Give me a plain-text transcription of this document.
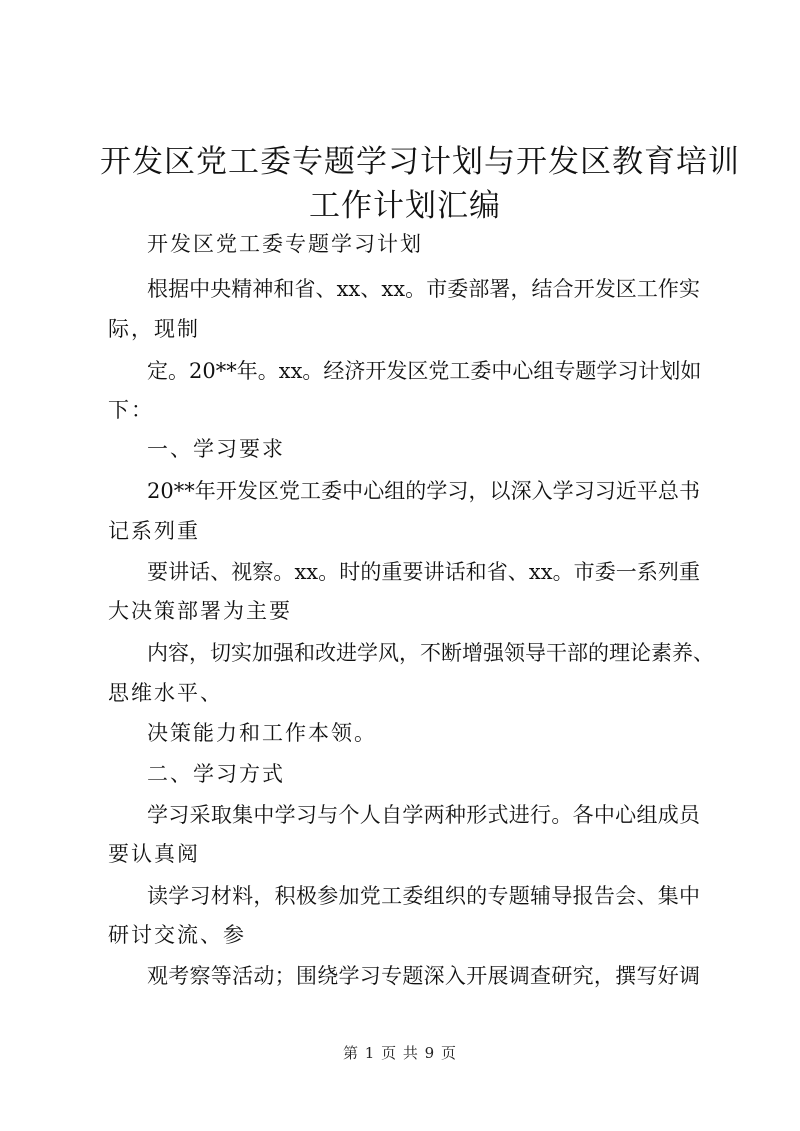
开发区党工委专题学习计划与开发区教育培训
工作计划汇编
开发区党工委专题学习计划
根据中央精神和省、xx、xx。市委部署，结合开发区工作实
际，现制
定。20**年。xx。经济开发区党工委中心组专题学习计划如
下：
一、学习要求
20**年开发区党工委中心组的学习，以深入学习习近平总书
记系列重
要讲话、视察。xx。时的重要讲话和省、xx。市委一系列重
大决策部署为主要
内容，切实加强和改进学风，不断增强领导干部的理论素养、
思维水平、
决策能力和工作本领。
二、学习方式
学习采取集中学习与个人自学两种形式进行。各中心组成员
要认真阅
读学习材料，积极参加党工委组织的专题辅导报告会、集中
研讨交流、参
观考察等活动；围绕学习专题深入开展调查研究，撰写好调
第 1 页 共 9 页
